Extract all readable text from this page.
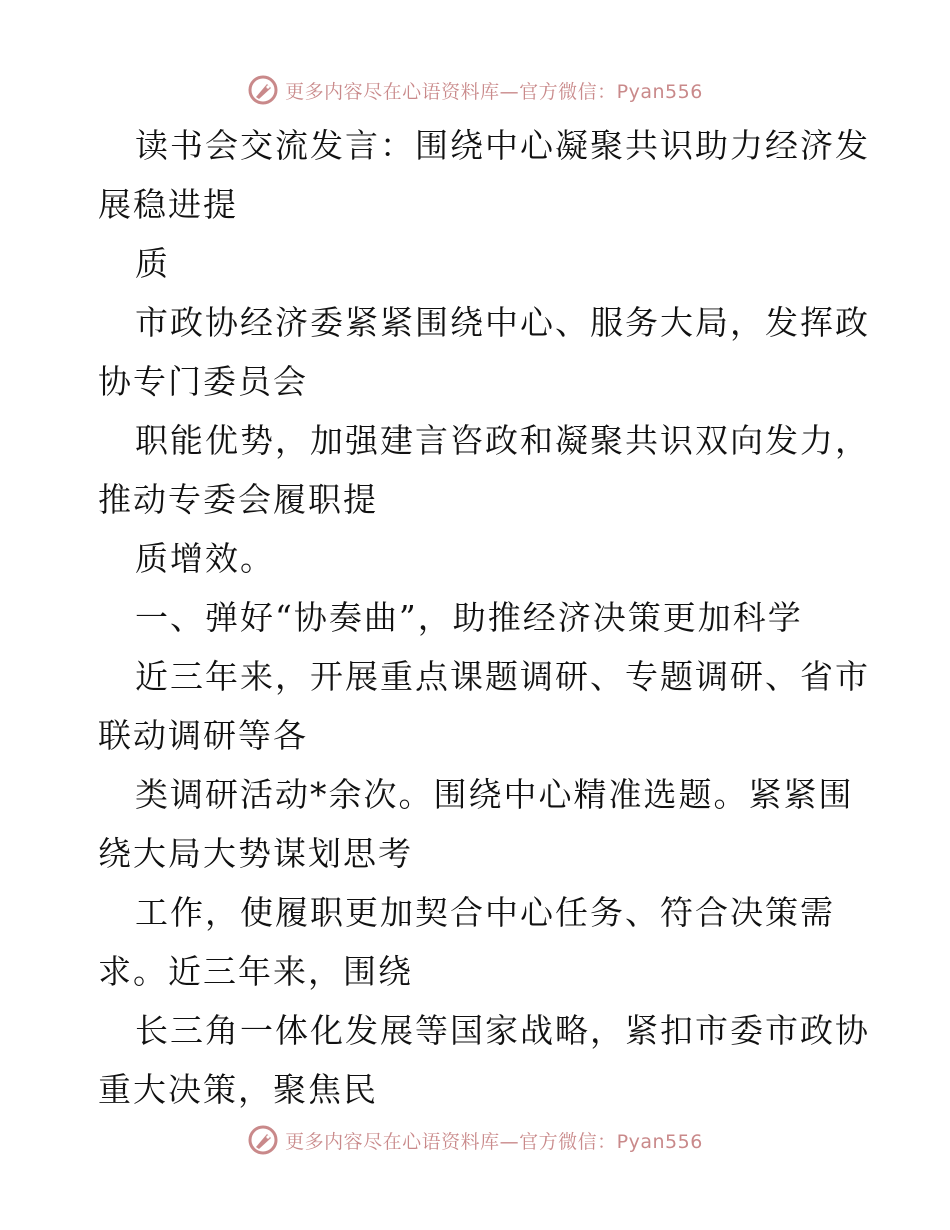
更多内容尽在心语资料库—官方微信：Pyan556
读书会交流发言：围绕中心凝聚共识助力经济发
展稳进提
质
市政协经济委紧紧围绕中心、服务大局，发挥政
协专门委员会
职能优势，加强建言咨政和凝聚共识双向发力，
推动专委会履职提
质增效。
一、弹好“协奏曲”，助推经济决策更加科学
近三年来，开展重点课题调研、专题调研、省市
联动调研等各
类调研活动*余次。围绕中心精准选题。紧紧围
绕大局大势谋划思考
工作，使履职更加契合中心任务、符合决策需
求。近三年来，围绕
长三角一体化发展等国家战略，紧扣市委市政协
重大决策，聚焦民
更多内容尽在心语资料库—官方微信：Pyan556
